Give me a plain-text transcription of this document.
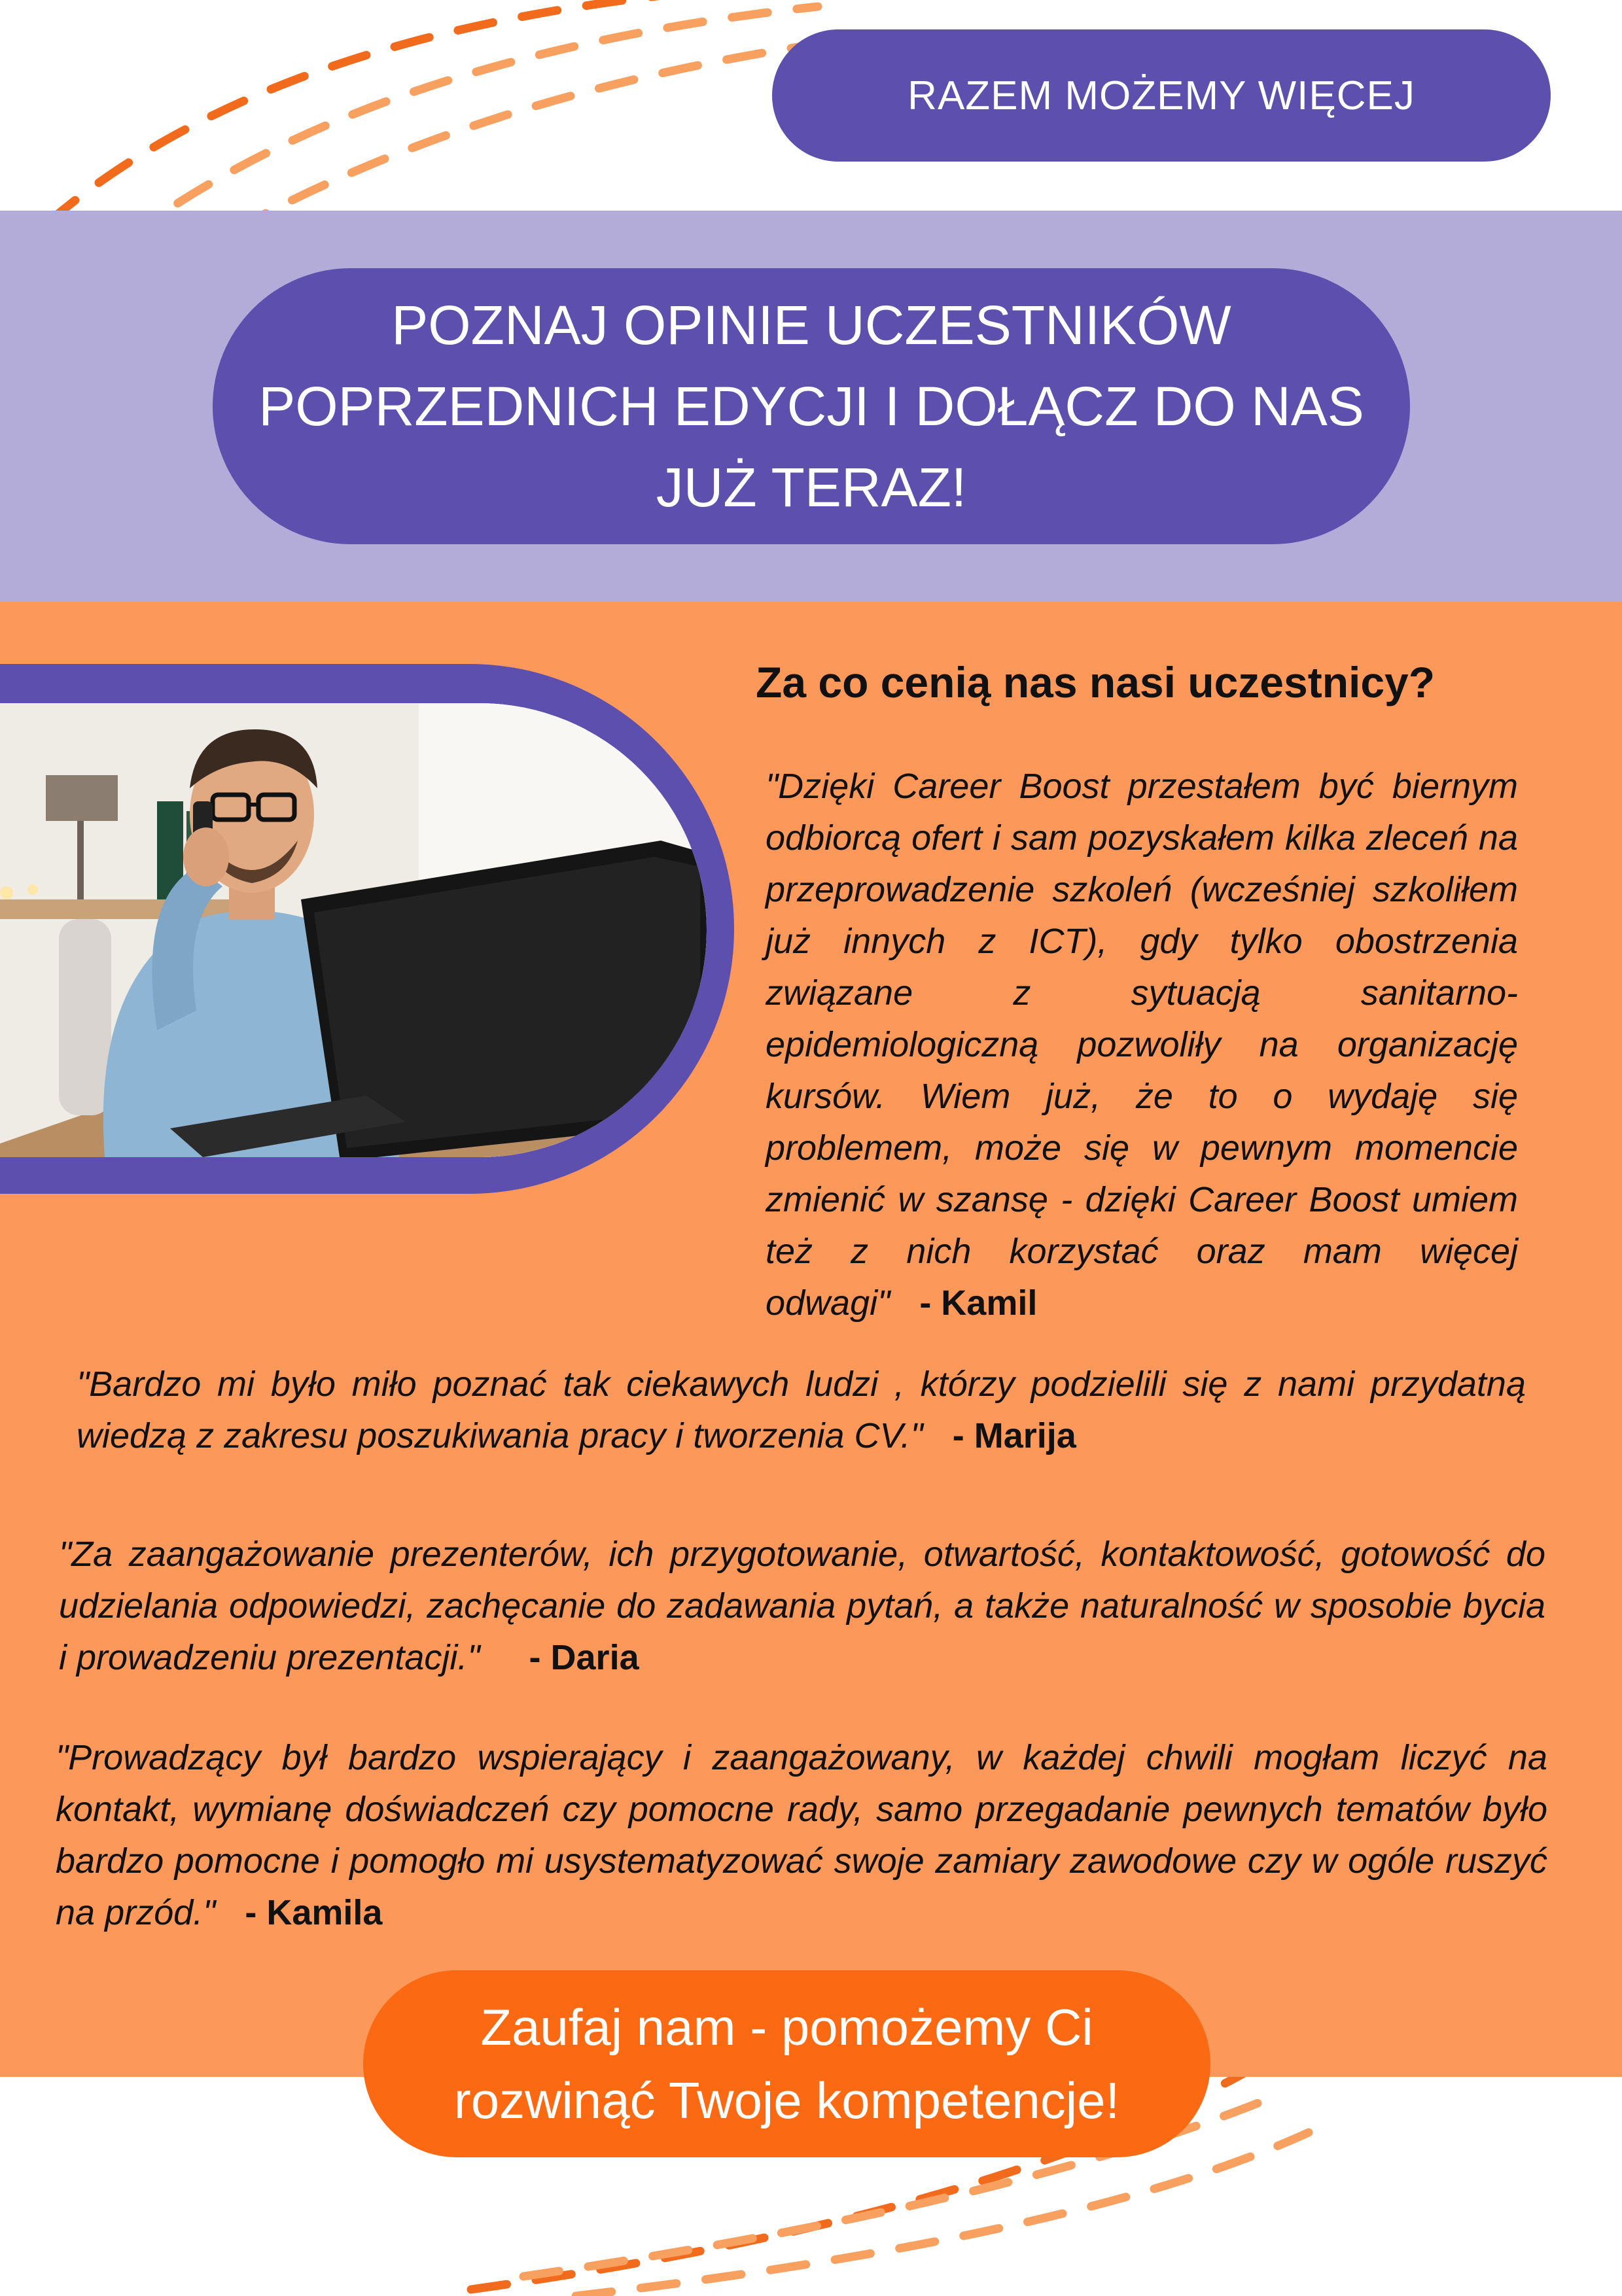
RAZEM MOŻEMY WIĘCEJ
POZNAJ OPINIE UCZESTNIKÓW
POPRZEDNICH EDYCJI I DOŁĄCZ DO NAS
JUŻ TERAZ!
Za co cenią nas nasi uczestnicy?
"Dzięki Career Boost przestałem być biernym odbiorcą ofert i sam pozyskałem kilka zleceń na przeprowadzenie szkoleń (wcześniej szkoliłem już innych z ICT), gdy tylko obostrzenia związane z sytuacją sanitarno-epidemiologiczną pozwoliły na organizację kursów. Wiem już, że to o wydaję się problemem, może się w pewnym momencie zmienić w szansę - dzięki Career Boost umiem też z nich korzystać oraz mam więcej odwagi" - Kamil
"Bardzo mi było miło poznać tak ciekawych ludzi , którzy podzielili się z nami przydatną wiedzą z zakresu poszukiwania pracy i tworzenia CV." - Marija
"Za zaangażowanie prezenterów, ich przygotowanie, otwartość, kontaktowość, gotowość do udzielania odpowiedzi, zachęcanie do zadawania pytań, a także naturalność w sposobie bycia i prowadzeniu prezentacji." - Daria
"Prowadzący był bardzo wspierający i zaangażowany, w każdej chwili mogłam liczyć na kontakt, wymianę doświadczeń czy pomocne rady, samo przegadanie pewnych tematów było bardzo pomocne i pomogło mi usystematyzować swoje zamiary zawodowe czy w ogóle ruszyć na przód." - Kamila
Zaufaj nam - pomożemy Ci
rozwinąć Twoje kompetencje!
